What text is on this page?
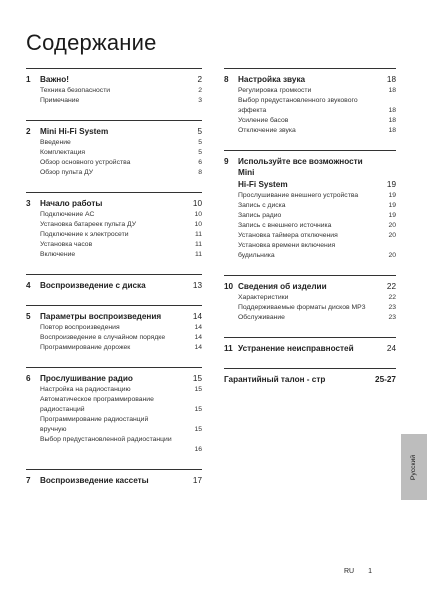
Содержание
1	Важно!	2
Техника безопасности	2
Примечание	3
2	Mini Hi-Fi System	5
Введение	5
Комплектация	5
Обзор основного устройства	6
Обзор пульта ДУ	8
3	Начало работы	10
Подключение AC	10
Установка батареек пульта ДУ	10
Подключение к электросети	11
Установка часов	11
Включение	11
4	Воспроизведение с диска	13
5	Параметры воспроизведения	14
Повтор воспроизведения	14
Воспроизведение в случайном порядке	14
Программирование дорожек	14
6	Прослушивание радио	15
Настройка на радиостанцию	15
Автоматическое программирование
радиостанций	15
Программирование радиостанций
вручную	15
Выбор предустановленной радиостанции
16
7	Воспроизведение кассеты	17
8	Настройка звука	18
Регулировка громкости	18
Выбор предустановленного звукового
эффекта	18
Усиление басов	18
Отключение звука	18
9	Используйте все возможности Mini
Hi-Fi System	19
Прослушивание внешнего устройства	19
Запись с диска	19
Запись радио	19
Запись с внешнего источника	20
Установка таймера отключения	20
Установка времени включения
будильника	20
10 Сведения об изделии	22
Характеристики	22
Поддерживаемые форматы дисков MP3	23
Обслуживание	23
11 Устранение неисправностей	24
Гарантийный талон - стр	25-27
Русский
RU 1
